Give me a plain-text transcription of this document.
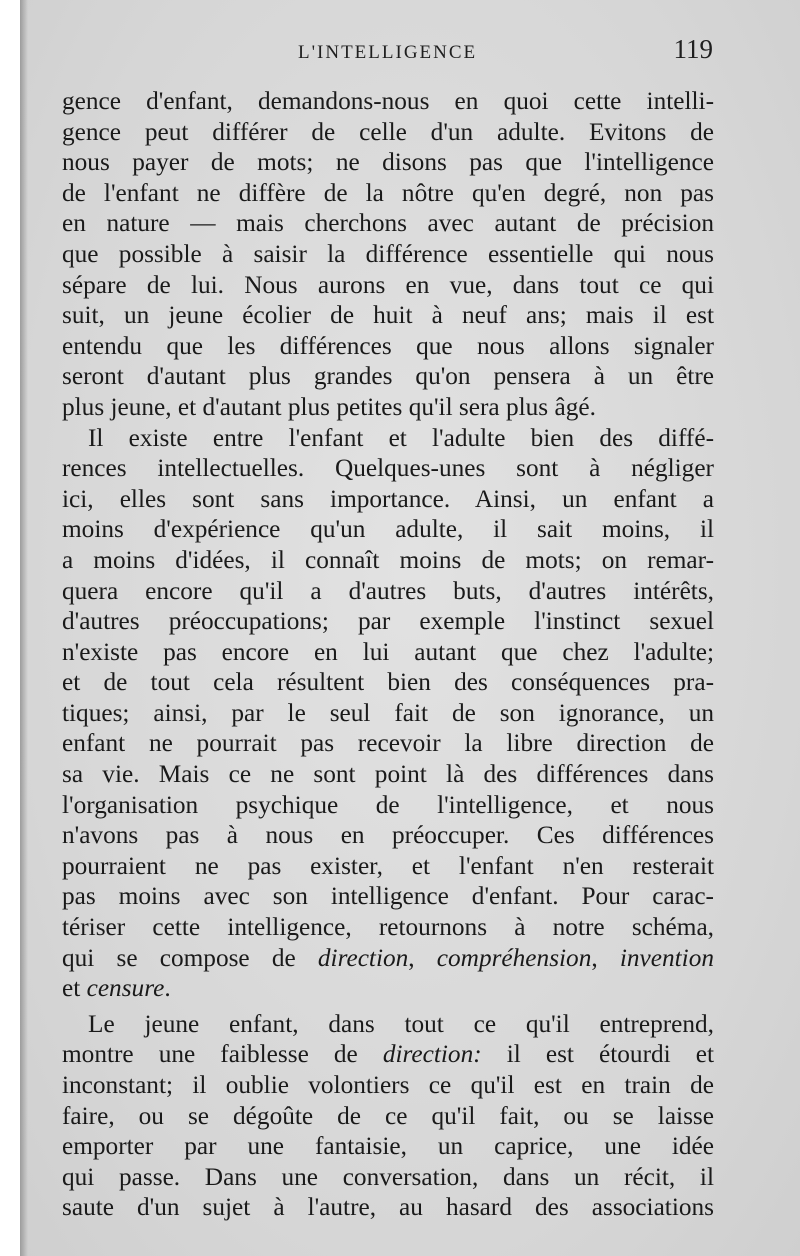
L'INTELLIGENCE	119
gence d'enfant, demandons-nous en quoi cette intelli-
gence peut différer de celle d'un adulte. Evitons de
nous payer de mots; ne disons pas que l'intelligence
de l'enfant ne diffère de la nôtre qu'en degré, non pas
en nature — mais cherchons avec autant de précision
que possible à saisir la différence essentielle qui nous
sépare de lui. Nous aurons en vue, dans tout ce qui
suit, un jeune écolier de huit à neuf ans; mais il est
entendu que les différences que nous allons signaler
seront d'autant plus grandes qu'on pensera à un être
plus jeune, et d'autant plus petites qu'il sera plus âgé.
Il existe entre l'enfant et l'adulte bien des diffé-
rences intellectuelles. Quelques-unes sont à négliger
ici, elles sont sans importance. Ainsi, un enfant a
moins d'expérience qu'un adulte, il sait moins, il
a moins d'idées, il connaît moins de mots; on remar-
quera encore qu'il a d'autres buts, d'autres intérêts,
d'autres préoccupations; par exemple l'instinct sexuel
n'existe pas encore en lui autant que chez l'adulte;
et de tout cela résultent bien des conséquences pra-
tiques; ainsi, par le seul fait de son ignorance, un
enfant ne pourrait pas recevoir la libre direction de
sa vie. Mais ce ne sont point là des différences dans
l'organisation psychique de l'intelligence, et nous
n'avons pas à nous en préoccuper. Ces différences
pourraient ne pas exister, et l'enfant n'en resterait
pas moins avec son intelligence d'enfant. Pour carac-
tériser cette intelligence, retournons à notre schéma,
qui se compose de direction, compréhension, invention
et censure.
Le jeune enfant, dans tout ce qu'il entreprend,
montre une faiblesse de direction: il est étourdi et
inconstant; il oublie volontiers ce qu'il est en train de
faire, ou se dégoûte de ce qu'il fait, ou se laisse
emporter par une fantaisie, un caprice, une idée
qui passe. Dans une conversation, dans un récit, il
saute d'un sujet à l'autre, au hasard des associations
